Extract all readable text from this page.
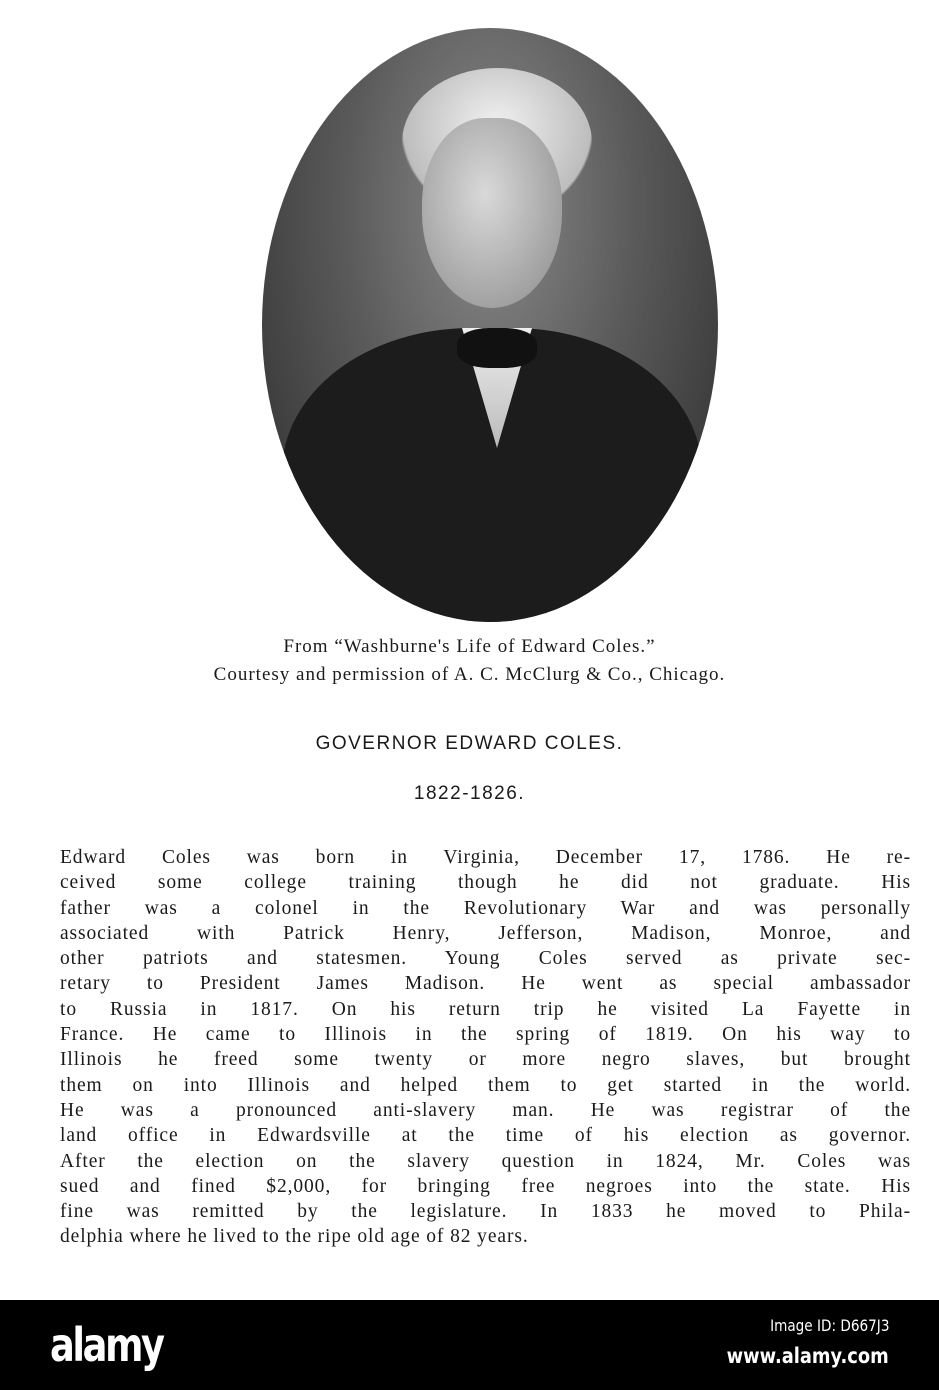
From “Washburne's Life of Edward Coles.”
Courtesy and permission of A. C. McClurg & Co., Chicago.
GOVERNOR EDWARD COLES.
1822-1826.
Edward Coles was born in Virginia, December 17, 1786. He re-
ceived some college training though he did not graduate. His
father was a colonel in the Revolutionary War and was personally
associated with Patrick Henry, Jefferson, Madison, Monroe, and
other patriots and statesmen. Young Coles served as private sec-
retary to President James Madison. He went as special ambassador
to Russia in 1817. On his return trip he visited La Fayette in
France. He came to Illinois in the spring of 1819. On his way to
Illinois he freed some twenty or more negro slaves, but brought
them on into Illinois and helped them to get started in the world.
He was a pronounced anti-slavery man. He was registrar of the
land office in Edwardsville at the time of his election as governor.
After the election on the slavery question in 1824, Mr. Coles was
sued and fined $2,000, for bringing free negroes into the state. His
fine was remitted by the legislature. In 1833 he moved to Phila-
delphia where he lived to the ripe old age of 82 years.
alamy	Image ID: D667J3
www.alamy.com
